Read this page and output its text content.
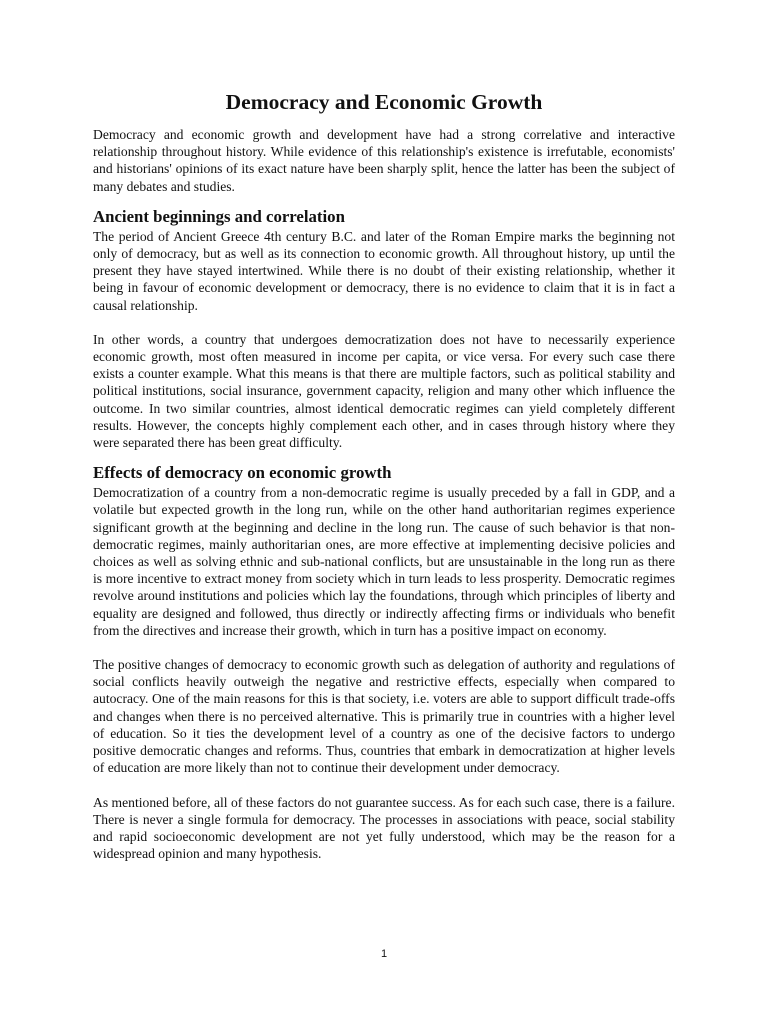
Democracy and Economic Growth

Democracy and economic growth and development have had a strong correlative and interactive relationship throughout history. While evidence of this relationship's existence is irrefutable, economists' and historians' opinions of its exact nature have been sharply split, hence the latter has been the subject of many debates and studies.

Ancient beginnings and correlation

The period of Ancient Greece 4th century B.C. and later of the Roman Empire marks the beginning not only of democracy, but as well as its connection to economic growth. All throughout history, up until the present they have stayed intertwined. While there is no doubt of their existing relationship, whether it being in favour of economic development or democracy, there is no evidence to claim that it is in fact a causal relationship.

In other words, a country that undergoes democratization does not have to necessarily experience economic growth, most often measured in income per capita, or vice versa. For every such case there exists a counter example. What this means is that there are multiple factors, such as political stability and political institutions, social insurance, government capacity, religion and many other which influence the outcome. In two similar countries, almost identical democratic regimes can yield completely different results. However, the concepts highly complement each other, and in cases through history where they were separated there has been great difficulty.

Effects of democracy on economic growth

Democratization of a country from a non-democratic regime is usually preceded by a fall in GDP, and a volatile but expected growth in the long run, while on the other hand authoritarian regimes experience significant growth at the beginning and decline in the long run. The cause of such behavior is that non-democratic regimes, mainly authoritarian ones, are more effective at implementing decisive policies and choices as well as solving ethnic and sub-national conflicts, but are unsustainable in the long run as there is more incentive to extract money from society which in turn leads to less prosperity. Democratic regimes revolve around institutions and policies which lay the foundations, through which principles of liberty and equality are designed and followed, thus directly or indirectly affecting firms or individuals who benefit from the directives and increase their growth, which in turn has a positive impact on economy.

The positive changes of democracy to economic growth such as delegation of authority and regulations of social conflicts heavily outweigh the negative and restrictive effects, especially when compared to autocracy. One of the main reasons for this is that society, i.e. voters are able to support difficult trade-offs and changes when there is no perceived alternative. This is primarily true in countries with a higher level of education. So it ties the development level of a country as one of the decisive factors to undergo positive democratic changes and reforms. Thus, countries that embark in democratization at higher levels of education are more likely than not to continue their development under democracy.

As mentioned before, all of these factors do not guarantee success. As for each such case, there is a failure. There is never a single formula for democracy. The processes in associations with peace, social stability and rapid socioeconomic development are not yet fully understood, which may be the reason for a widespread opinion and many hypothesis.

1
